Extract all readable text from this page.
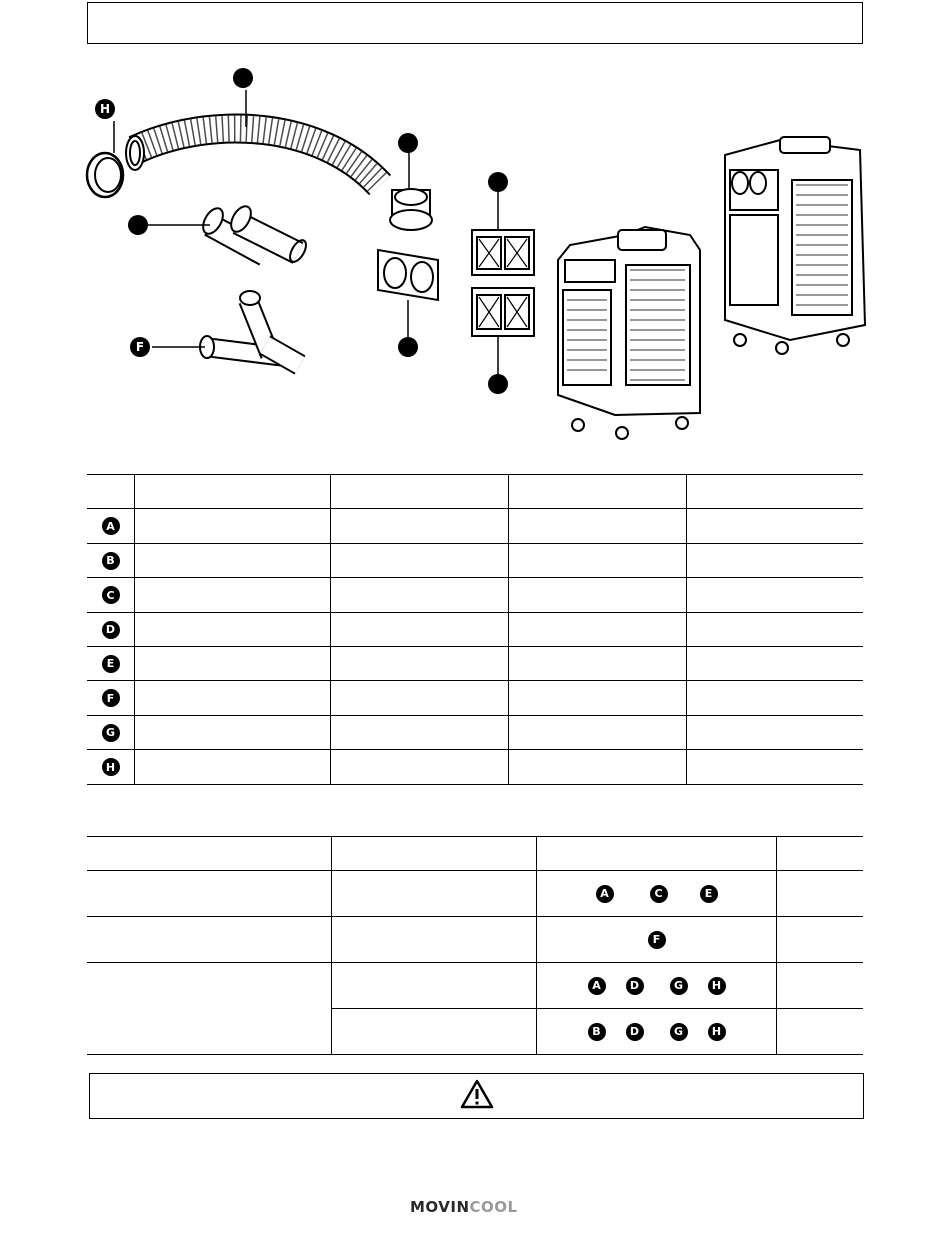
H
F

A				
B				
C				
D				
E				
F				
G				
H				

A C E	

F	

A D G H	

B D G H	

MOVINCOOL
